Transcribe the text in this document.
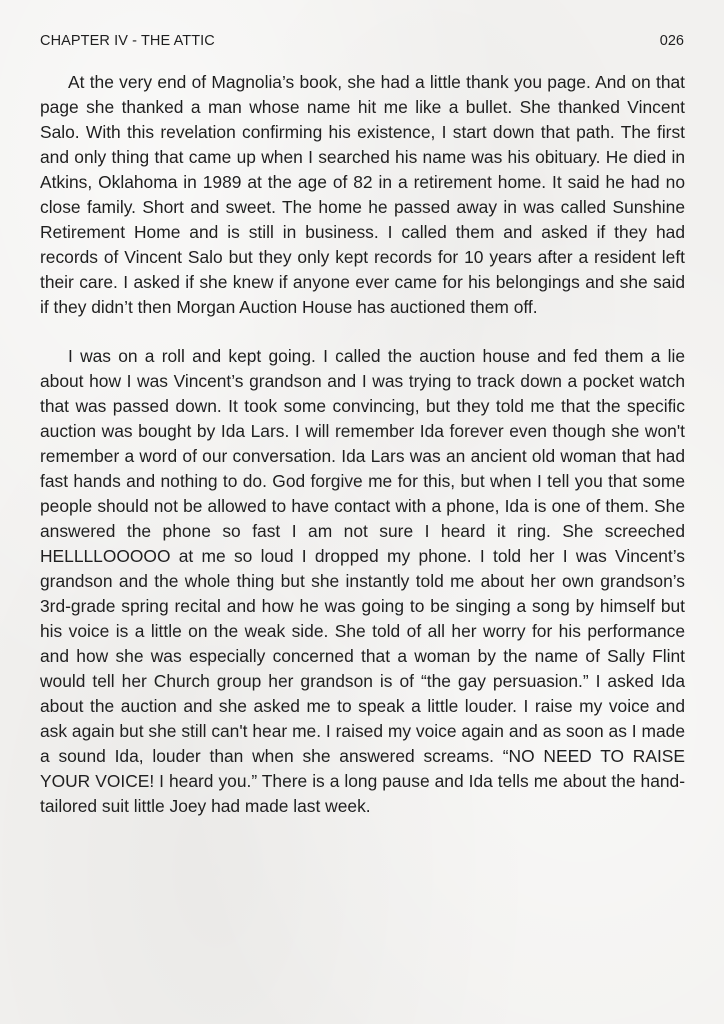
CHAPTER IV - THE ATTIC	026

At the very end of Magnolia’s book, she had a little thank you page. And on that page she thanked a man whose name hit me like a bullet. She thanked Vincent Salo. With this revelation confirming his existence, I start down that path. The first and only thing that came up when I searched his name was his obituary. He died in Atkins, Oklahoma in 1989 at the age of 82 in a retirement home. It said he had no close family. Short and sweet. The home he passed away in was called Sunshine Retirement Home and is still in business. I called them and asked if they had records of Vincent Salo but they only kept records for 10 years after a resident left their care. I asked if she knew if anyone ever came for his belongings and she said if they didn’t then Morgan Auction House has auctioned them off.

I was on a roll and kept going. I called the auction house and fed them a lie about how I was Vincent’s grandson and I was trying to track down a pocket watch that was passed down. It took some convincing, but they told me that the specific auction was bought by Ida Lars. I will remember Ida forever even though she won't remember a word of our conversation. Ida Lars was an ancient old woman that had fast hands and nothing to do. God forgive me for this, but when I tell you that some people should not be allowed to have contact with a phone, Ida is one of them. She answered the phone so fast I am not sure I heard it ring. She screeched HELLLLOOOOO at me so loud I dropped my phone. I told her I was Vincent’s grandson and the whole thing but she instantly told me about her own grandson’s 3rd-grade spring recital and how he was going to be singing a song by himself but his voice is a little on the weak side. She told of all her worry for his performance and how she was especially concerned that a woman by the name of Sally Flint would tell her Church group her grandson is of “the gay persuasion.” I asked Ida about the auction and she asked me to speak a little louder. I raise my voice and ask again but she still can't hear me. I raised my voice again and as soon as I made a sound Ida, louder than when she answered screams. “NO NEED TO RAISE YOUR VOICE! I heard you.” There is a long pause and Ida tells me about the hand-tailored suit little Joey had made last week.
